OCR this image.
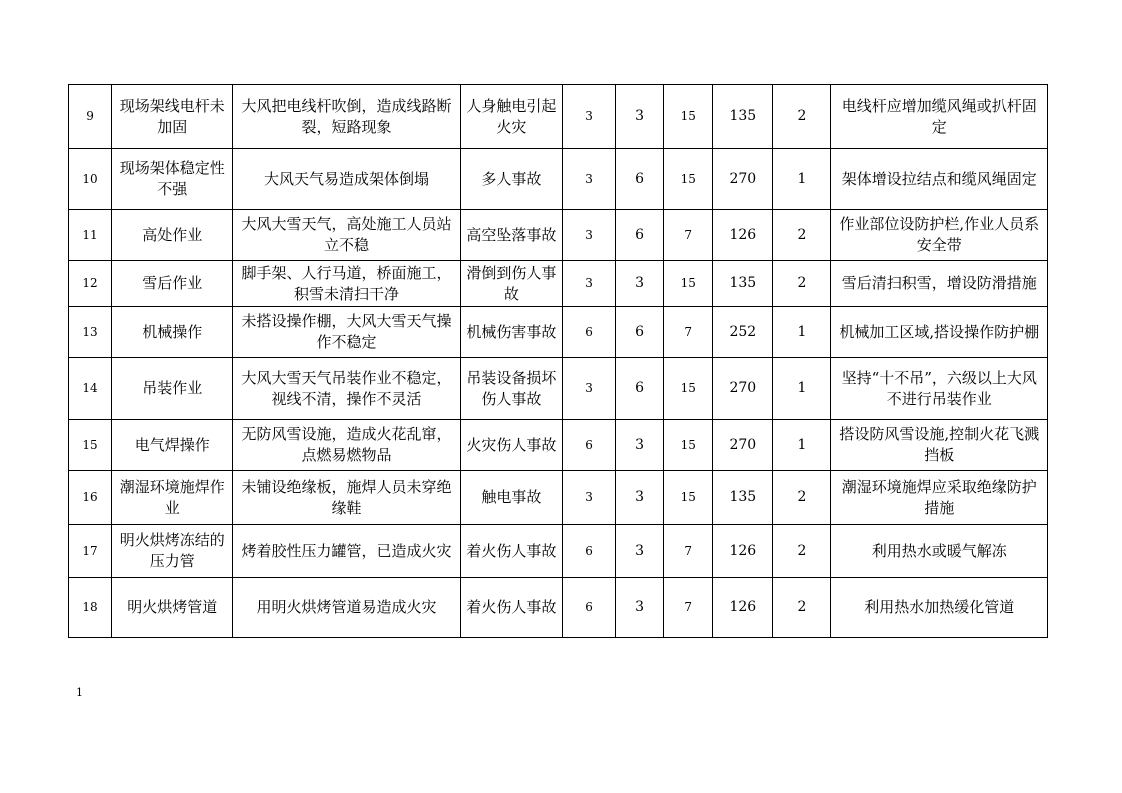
9	现场架线电杆未加固	大风把电线杆吹倒，造成线路断裂，短路现象	人身触电引起火灾	3	3	15	135	2	电线杆应增加缆风绳或扒杆固定
10	现场架体稳定性不强	大风天气易造成架体倒塌	多人事故	3	6	15	270	1	架体增设拉结点和缆风绳固定
11	高处作业	大风大雪天气，高处施工人员站立不稳	高空坠落事故	3	6	7	126	2	作业部位设防护栏,作业人员系安全带
12	雪后作业	脚手架、人行马道，桥面施工，积雪未清扫干净	滑倒到伤人事故	3	3	15	135	2	雪后清扫积雪，增设防滑措施
13	机械操作	未搭设操作棚，大风大雪天气操作不稳定	机械伤害事故	6	6	7	252	1	机械加工区域,搭设操作防护棚
14	吊装作业	大风大雪天气吊装作业不稳定，视线不清，操作不灵活	吊装设备损坏伤人事故	3	6	15	270	1	坚持“十不吊”，六级以上大风不进行吊装作业
15	电气焊操作	无防风雪设施，造成火花乱窜，点燃易燃物品	火灾伤人事故	6	3	15	270	1	搭设防风雪设施,控制火花飞溅挡板
16	潮湿环境施焊作业	未铺设绝缘板，施焊人员未穿绝缘鞋	触电事故	3	3	15	135	2	潮湿环境施焊应采取绝缘防护措施
17	明火烘烤冻结的压力管	烤着胶性压力罐管，已造成火灾	着火伤人事故	6	3	7	126	2	利用热水或暖气解冻
18	明火烘烤管道	用明火烘烤管道易造成火灾	着火伤人事故	6	3	7	126	2	利用热水加热缓化管道
1
